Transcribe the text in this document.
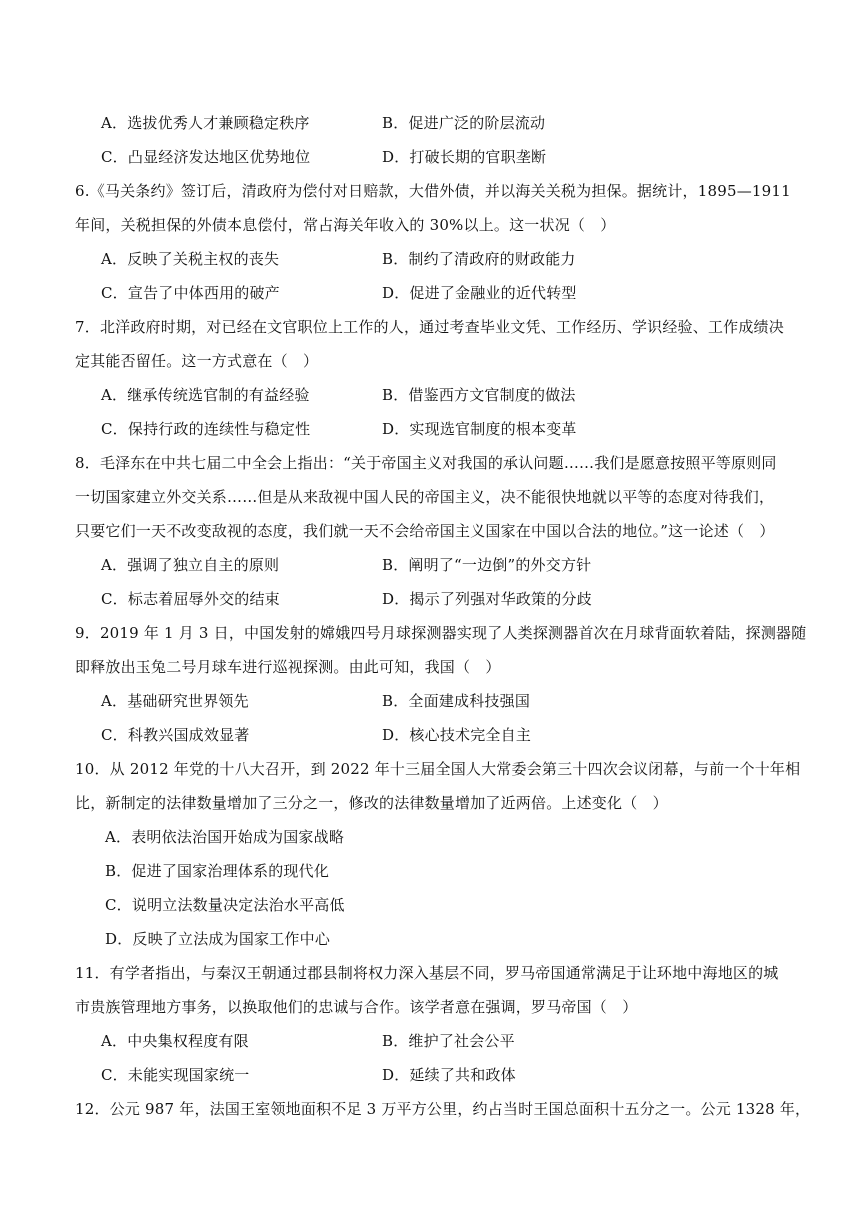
A．选拔优秀人才兼顾稳定秩序	B．促进广泛的阶层流动
C．凸显经济发达地区优势地位	D．打破长期的官职垄断
6.《马关条约》签订后，清政府为偿付对日赔款，大借外债，并以海关关税为担保。据统计，1895—1911
年间，关税担保的外债本息偿付，常占海关年收入的 30%以上。这一状况（　）
A．反映了关税主权的丧失	B．制约了清政府的财政能力
C．宣告了中体西用的破产	D．促进了金融业的近代转型
7．北洋政府时期，对已经在文官职位上工作的人，通过考查毕业文凭、工作经历、学识经验、工作成绩决
定其能否留任。这一方式意在（　）
A．继承传统选官制的有益经验	B．借鉴西方文官制度的做法
C．保持行政的连续性与稳定性	D．实现选官制度的根本变革
8．毛泽东在中共七届二中全会上指出：“关于帝国主义对我国的承认问题……我们是愿意按照平等原则同
一切国家建立外交关系……但是从来敌视中国人民的帝国主义，决不能很快地就以平等的态度对待我们，
只要它们一天不改变敌视的态度，我们就一天不会给帝国主义国家在中国以合法的地位。”这一论述（　）
A．强调了独立自主的原则	B．阐明了“一边倒”的外交方针
C．标志着屈辱外交的结束	D．揭示了列强对华政策的分歧
9．2019 年 1 月 3 日，中国发射的嫦娥四号月球探测器实现了人类探测器首次在月球背面软着陆，探测器随
即释放出玉兔二号月球车进行巡视探测。由此可知，我国（　）
A．基础研究世界领先	B．全面建成科技强国
C．科教兴国成效显著	D．核心技术完全自主
10．从 2012 年党的十八大召开，到 2022 年十三届全国人大常委会第三十四次会议闭幕，与前一个十年相
比，新制定的法律数量增加了三分之一，修改的法律数量增加了近两倍。上述变化（　）
A．表明依法治国开始成为国家战略
B．促进了国家治理体系的现代化
C．说明立法数量决定法治水平高低
D．反映了立法成为国家工作中心
11．有学者指出，与秦汉王朝通过郡县制将权力深入基层不同，罗马帝国通常满足于让环地中海地区的城
市贵族管理地方事务，以换取他们的忠诚与合作。该学者意在强调，罗马帝国（　）
A．中央集权程度有限	B．维护了社会公平
C．未能实现国家统一	D．延续了共和政体
12．公元 987 年，法国王室领地面积不足 3 万平方公里，约占当时王国总面积十五分之一。公元 1328 年，
